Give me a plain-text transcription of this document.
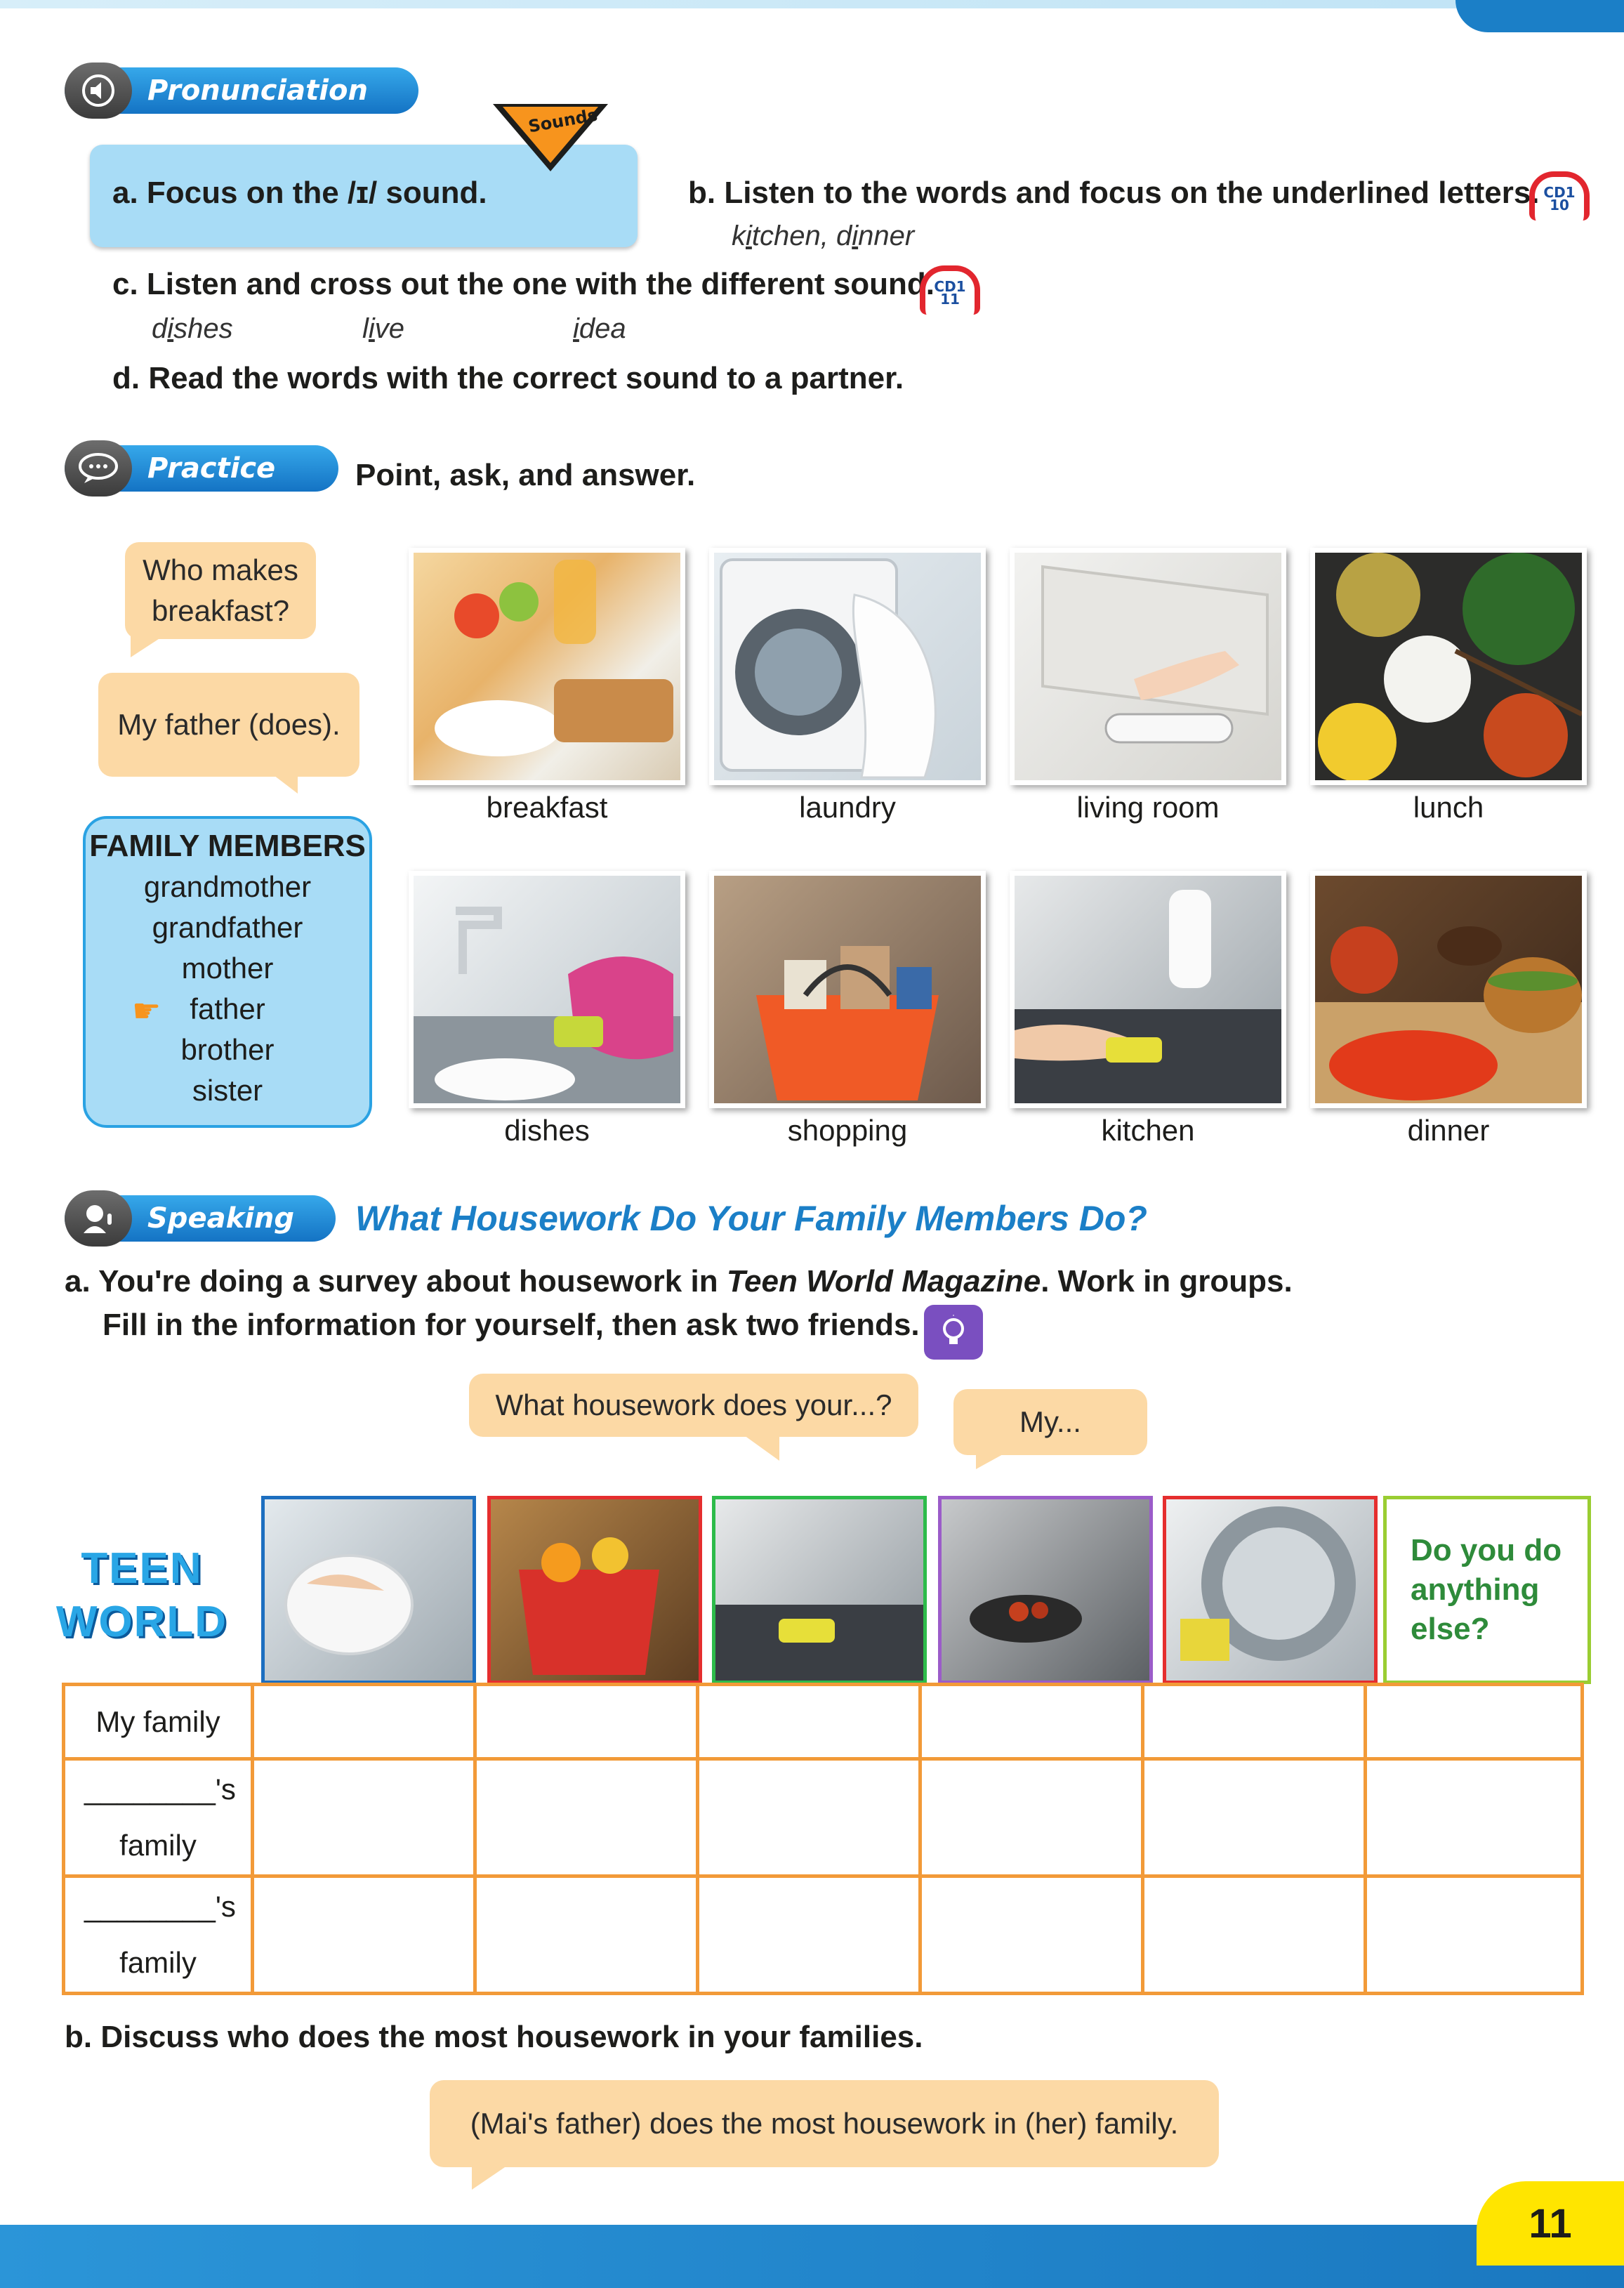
11
Pronunciation
Sounds
a. Focus on the /ɪ/ sound.	b. Listen to the words and focus on the underlined letters. CD1
10
kitchen, dinner
c. Listen and cross out the one with the different sound. CD1
11
dishes	live	idea
d. Read the words with the correct sound to a partner.
Practice	Point, ask, and answer.
Who makes breakfast?
My father (does).
FAMILY MEMBERS
grandmother
grandfather
mother
☛ father
brother
sister
breakfast	laundry	living room	lunch
dishes	shopping	kitchen	dinner
Speaking	What Housework Do Your Family Members Do?
a. You're doing a survey about housework in Teen World Magazine. Work in groups.
Fill in the information for yourself, then ask two friends.
What housework does your...?
My...
TEEN
WORLD
Do you do anything else?
My family						

________'s family						

________'s family						

b. Discuss who does the most housework in your families.
(Mai's father) does the most housework in (her) family.
